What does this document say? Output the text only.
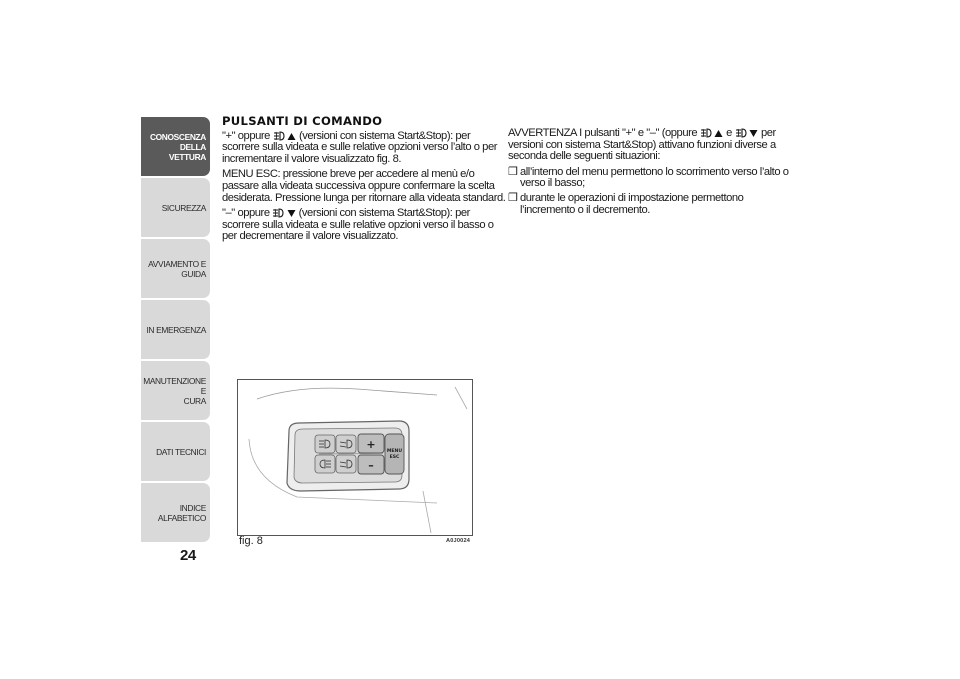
CONOSCENZA
DELLA VETTURA
SICUREZZA
AVVIAMENTO E
GUIDA
IN EMERGENZA
MANUTENZIONE E
CURA
DATI TECNICI
INDICE ALFABETICO
24
PULSANTI DI COMANDO

"+" oppure	(versioni con sistema Start&Stop): per scorrere sulla videata e sulle relative opzioni verso l’alto o per incrementare il valore visualizzato fig. 8.

MENU ESC: pressione breve per accedere al menù e/o passare alla videata successiva oppure confermare la scelta desiderata. Pressione lunga per ritornare alla videata standard.

"–" oppure	(versioni con sistema Start&Stop): per scorrere sulla videata e sulle relative opzioni verso il basso o per decrementare il valore visualizzato.

AVVERTENZA I pulsanti "+" e "–" (oppure	e	per versioni con sistema Start&Stop) attivano funzioni diverse a seconda delle seguenti situazioni:

❒ all’interno del menu permettono lo scorrimento verso l’alto o verso il basso;
❒ durante le operazioni di impostazione permettono l’incremento o il decremento.
+
–
MENU
ESC
fig. 8	A0J0024
